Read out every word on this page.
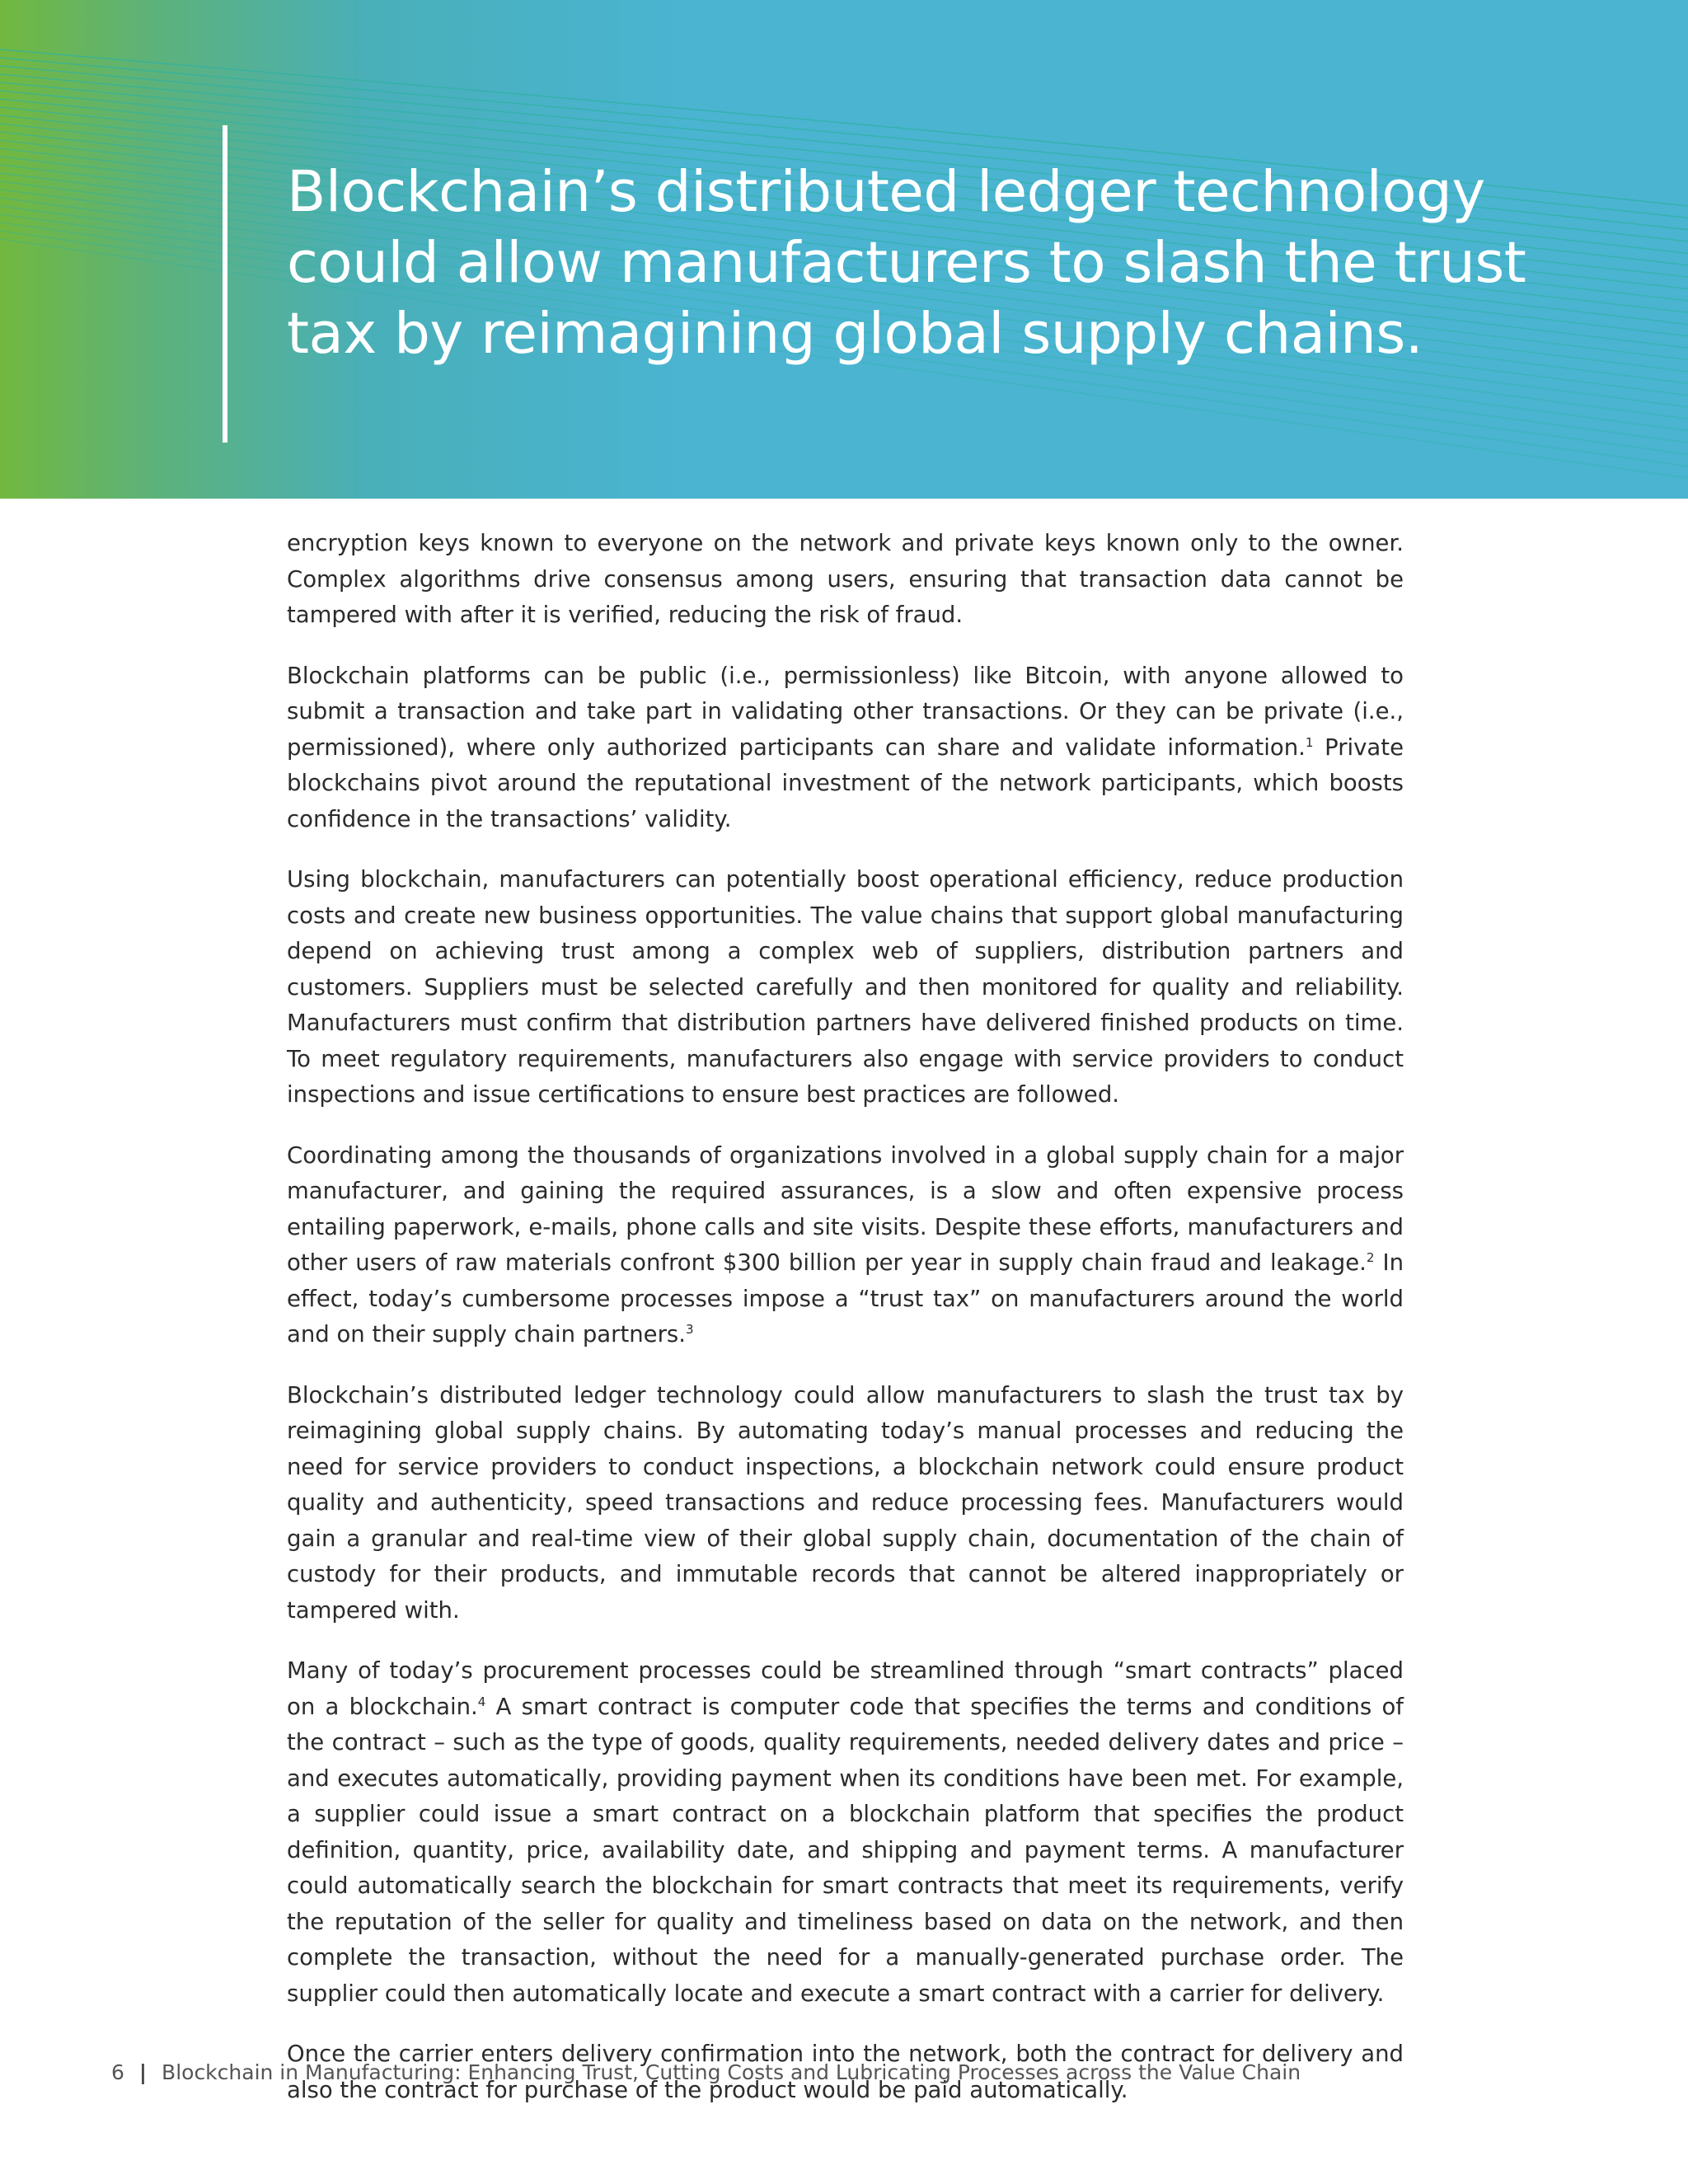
Blockchain’s distributed ledger technology
could allow manufacturers to slash the trust
tax by reimagining global supply chains.

encryption keys known to everyone on the network and private keys known only to the owner. Complex algorithms drive consensus among users, ensuring that transaction data cannot be tampered with after it is verified, reducing the risk of fraud.

Blockchain platforms can be public (i.e., permissionless) like Bitcoin, with anyone allowed to submit a transaction and take part in validating other transactions. Or they can be private (i.e., permissioned), where only authorized participants can share and validate information.$^1$ Private blockchains pivot around the reputational investment of the network participants, which boosts confidence in the transactions’ validity.

Using blockchain, manufacturers can potentially boost operational efficiency, reduce production costs and create new business opportunities. The value chains that support global manufacturing depend on achieving trust among a complex web of suppliers, distribution partners and customers. Suppliers must be selected carefully and then monitored for quality and reliability. Manufacturers must confirm that distribution partners have delivered finished products on time. To meet regulatory requirements, manufacturers also engage with service providers to conduct inspections and issue certifications to ensure best practices are followed.

Coordinating among the thousands of organizations involved in a global supply chain for a major manufacturer, and gaining the required assurances, is a slow and often expensive process entailing paperwork, e-mails, phone calls and site visits. Despite these efforts, manufacturers and other users of raw materials confront $300 billion per year in supply chain fraud and leakage.$^2$ In effect, today’s cumbersome processes impose a “trust tax” on manufacturers around the world and on their supply chain partners.$^3$

Blockchain’s distributed ledger technology could allow manufacturers to slash the trust tax by reimagining global supply chains. By automating today’s manual processes and reducing the need for service providers to conduct inspections, a blockchain network could ensure product quality and authenticity, speed transactions and reduce processing fees. Manufacturers would gain a granular and real-time view of their global supply chain, documentation of the chain of custody for their products, and immutable records that cannot be altered inappropriately or tampered with.

Many of today’s procurement processes could be streamlined through “smart contracts” placed on a blockchain.$^4$ A smart contract is computer code that specifies the terms and conditions of the contract – such as the type of goods, quality requirements, needed delivery dates and price – and executes automatically, providing payment when its conditions have been met. For example, a supplier could issue a smart contract on a blockchain platform that specifies the product definition, quantity, price, availability date, and shipping and payment terms. A manufacturer could automatically search the blockchain for smart contracts that meet its requirements, verify the reputation of the seller for quality and timeliness based on data on the network, and then complete the transaction, without the need for a manually-generated purchase order. The supplier could then automatically locate and execute a smart contract with a carrier for delivery.

Once the carrier enters delivery confirmation into the network, both the contract for delivery and also the contract for purchase of the product would be paid automatically.

6 | Blockchain in Manufacturing: Enhancing Trust, Cutting Costs and Lubricating Processes across the Value Chain
